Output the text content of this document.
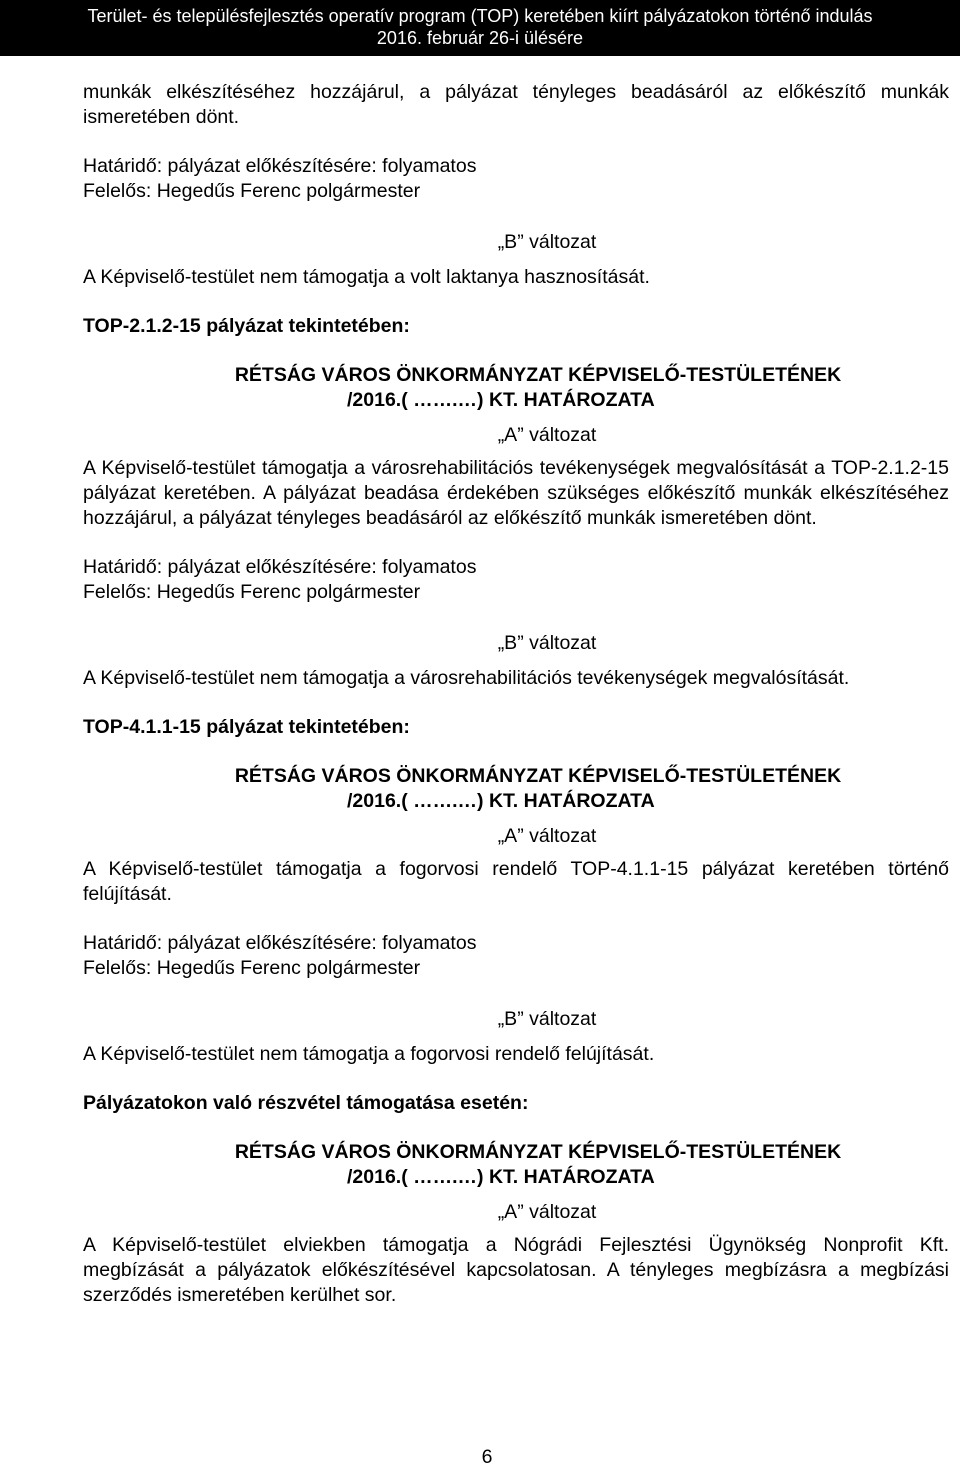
Terület- és településfejlesztés operatív program (TOP) keretében kiírt pályázatokon történő indulás
2016. február 26-i ülésére

munkák elkészítéséhez hozzájárul, a pályázat tényleges beadásáról az előkészítő munkák ismeretében dönt.

Határidő: pályázat előkészítésére: folyamatos

Felelős: Hegedűs Ferenc polgármester

„B” változat

A Képviselő-testület nem támogatja a volt laktanya hasznosítását.

TOP-2.1.2-15 pályázat tekintetében:

RÉTSÁG VÁROS ÖNKORMÁNYZAT KÉPVISELŐ-TESTÜLETÉNEK
/2016.( …….…) KT. HATÁROZATA

„A” változat

A Képviselő-testület támogatja a városrehabilitációs tevékenységek megvalósítását a TOP-2.1.2-15 pályázat keretében. A pályázat beadása érdekében szükséges előkészítő munkák elkészítéséhez hozzájárul, a pályázat tényleges beadásáról az előkészítő munkák ismeretében dönt.

Határidő: pályázat előkészítésére: folyamatos

Felelős: Hegedűs Ferenc polgármester

„B” változat

A Képviselő-testület nem támogatja a városrehabilitációs tevékenységek megvalósítását.

TOP-4.1.1-15 pályázat tekintetében:

RÉTSÁG VÁROS ÖNKORMÁNYZAT KÉPVISELŐ-TESTÜLETÉNEK
/2016.( …….…) KT. HATÁROZATA

„A” változat

A Képviselő-testület támogatja a fogorvosi rendelő TOP-4.1.1-15 pályázat keretében történő felújítását.

Határidő: pályázat előkészítésére: folyamatos

Felelős: Hegedűs Ferenc polgármester

„B” változat

A Képviselő-testület nem támogatja a fogorvosi rendelő felújítását.

Pályázatokon való részvétel támogatása esetén:

RÉTSÁG VÁROS ÖNKORMÁNYZAT KÉPVISELŐ-TESTÜLETÉNEK
/2016.( …….…) KT. HATÁROZATA

„A” változat

A Képviselő-testület elviekben támogatja a Nógrádi Fejlesztési Ügynökség Nonprofit Kft. megbízását a pályázatok előkészítésével kapcsolatosan. A tényleges megbízásra a megbízási szerződés ismeretében kerülhet sor.

6
